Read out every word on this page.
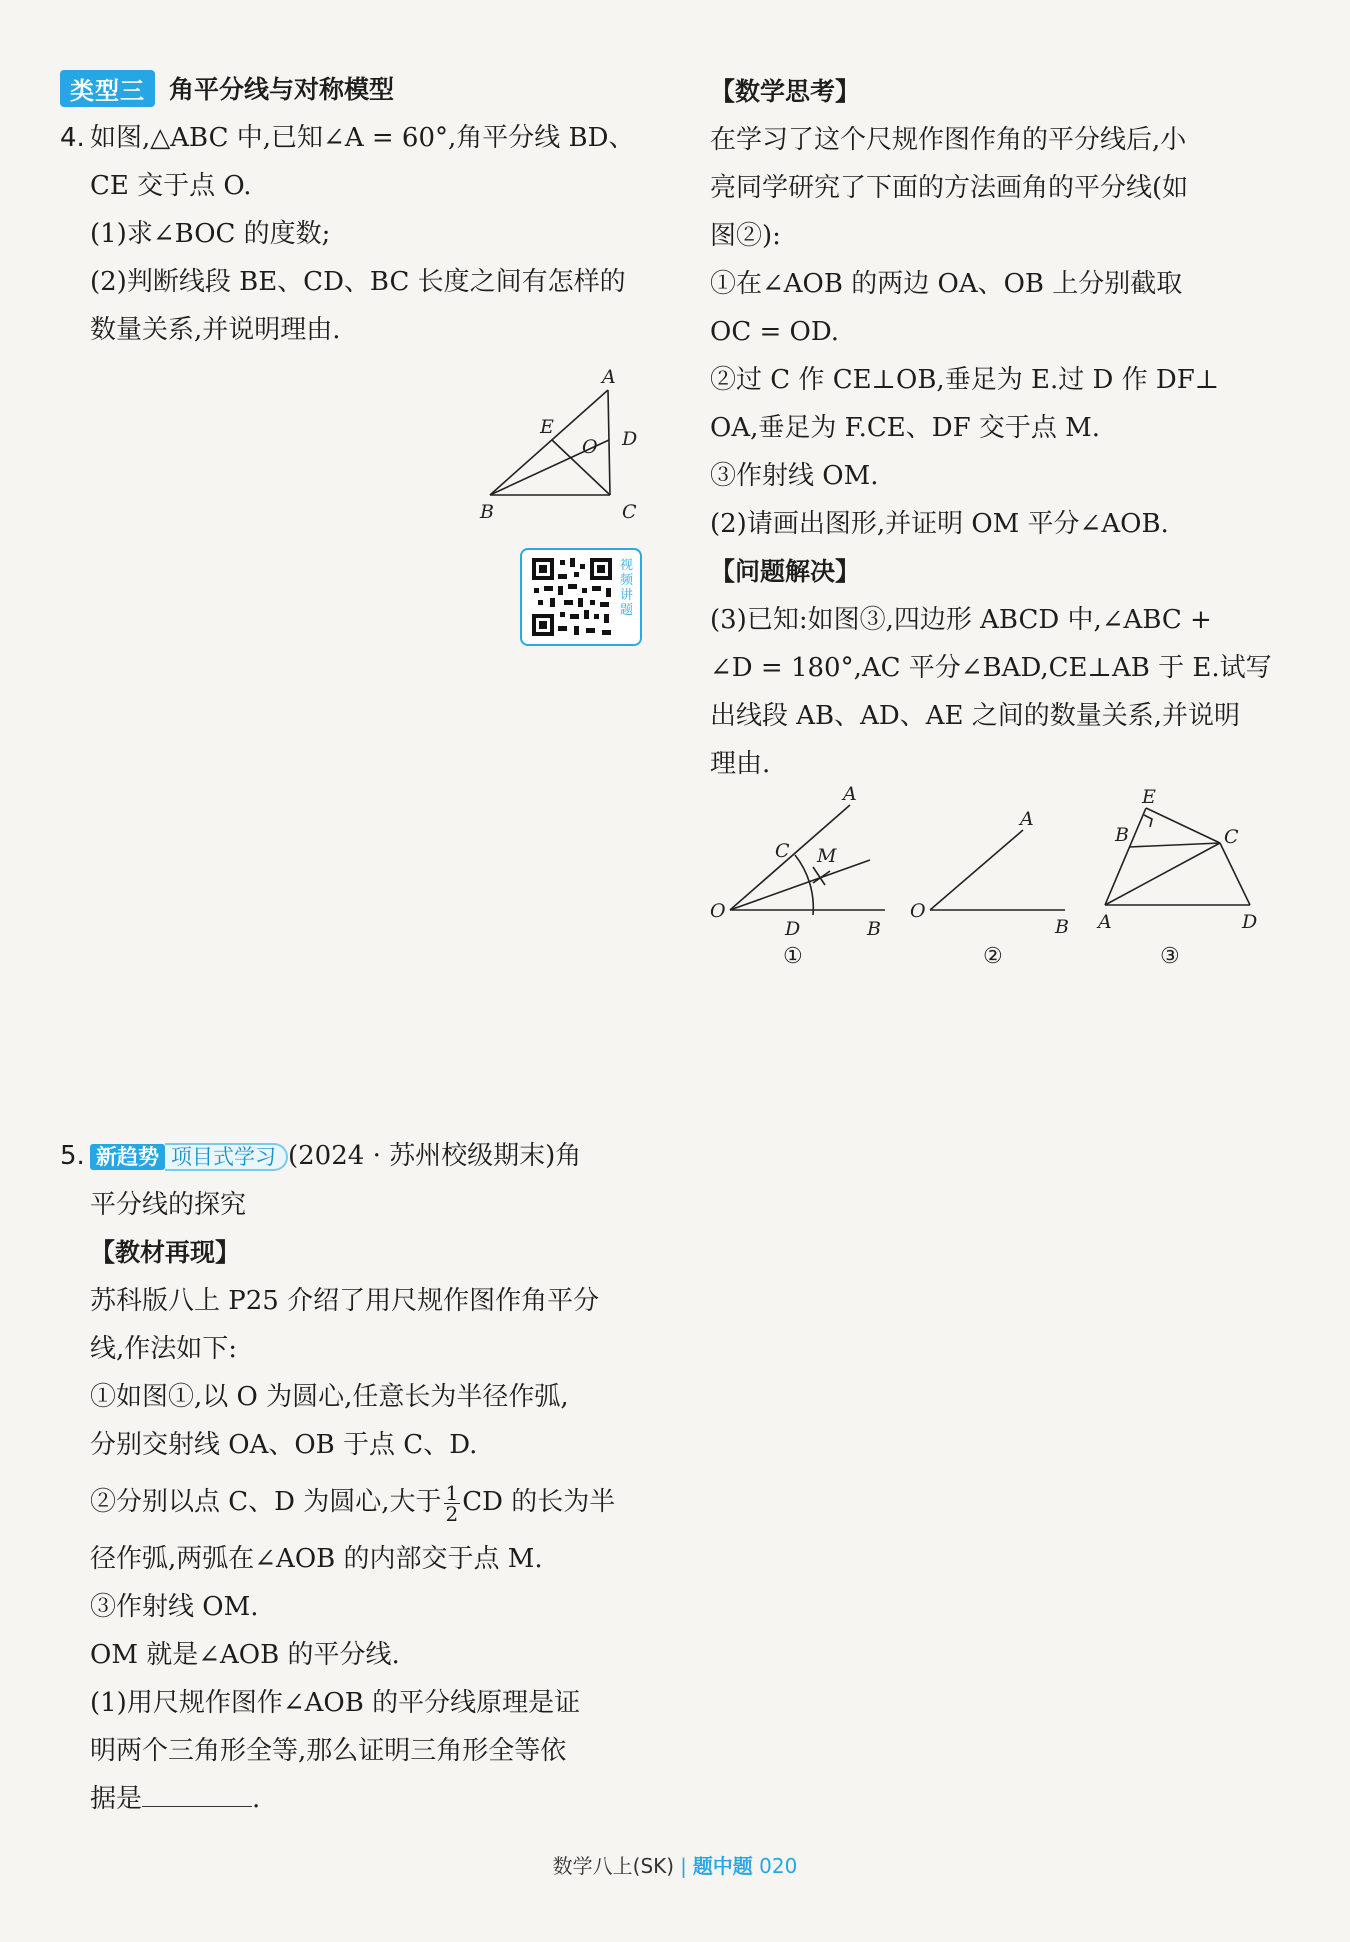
类型三 角平分线与对称模型
4. 如图,△ABC 中,已知∠A = 60°,角平分线 BD、
CE 交于点 O.
(1)求∠BOC 的度数;
(2)判断线段 BE、CD、BC 长度之间有怎样的
数量关系,并说明理由.
A
B	C
D
E
O
视频讲题
5. 新趋势 项目式学习 (2024 · 苏州校级期末)角
平分线的探究
【教材再现】
苏科版八上 P25 介绍了用尺规作图作角平分
线,作法如下:
①如图①,以 O 为圆心,任意长为半径作弧,
分别交射线 OA、OB 于点 C、D.
②分别以点 C、D 为圆心,大于 $\frac{1}{2}$ CD 的长为半
径作弧,两弧在∠AOB 的内部交于点 M.
③作射线 OM.
OM 就是∠AOB 的平分线.
(1)用尺规作图作∠AOB 的平分线原理是证
明两个三角形全等,那么证明三角形全等依
据是	.
【数学思考】
在学习了这个尺规作图作角的平分线后,小
亮同学研究了下面的方法画角的平分线(如
图②):
①在∠AOB 的两边 OA、OB 上分别截取
OC = OD.
②过 C 作 CE⊥OB,垂足为 E.过 D 作 DF⊥
OA,垂足为 F.CE、DF 交于点 M.
③作射线 OM.
(2)请画出图形,并证明 OM 平分∠AOB.
【问题解决】
(3)已知:如图③,四边形 ABCD 中,∠ABC +
∠D = 180°,AC 平分∠BAD,CE⊥AB 于 E.试写
出线段 AB、AD、AE 之间的数量关系,并说明
理由.
O
A
B
C
D
M
①
O
A
B
②
A
E
B	C
D
③
数学八上(SK) | 题中题 020
